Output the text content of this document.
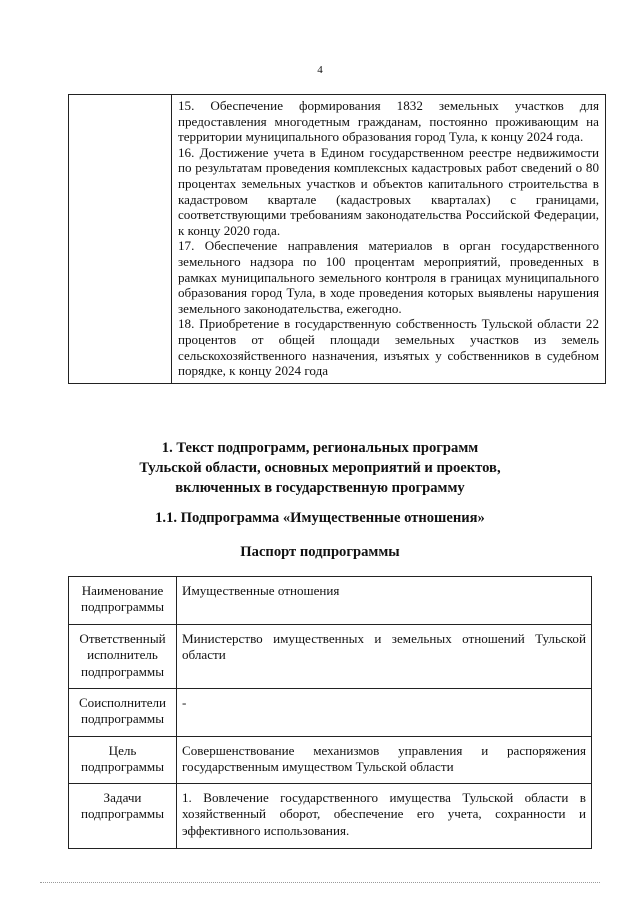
4

15. Обеспечение формирования 1832 земельных участков для предоставления многодетным гражданам, постоянно проживающим на территории муниципального образования город Тула, к концу 2024 года.
16. Достижение учета в Едином государственном реестре недвижимости по результатам проведения комплексных кадастровых работ сведений о 80 процентах земельных участков и объектов капитального строительства в кадастровом квартале (кадастровых кварталах) с границами, соответствующими требованиям законодательства Российской Федерации, к концу 2020 года.
17. Обеспечение направления материалов в орган государственного земельного надзора по 100 процентам мероприятий, проведенных в рамках муниципального земельного контроля в границах муниципального образования город Тула, в ходе проведения которых выявлены нарушения земельного законодательства, ежегодно.
18. Приобретение в государственную собственность Тульской области 22 процентов от общей площади земельных участков из земель сельскохозяйственного назначения, изъятых у собственников в судебном порядке, к концу 2024 года
1. Текст подпрограмм, региональных программ
Тульской области, основных мероприятий и проектов,
включенных в государственную программу
1.1. Подпрограмма «Имущественные отношения»
Паспорт подпрограммы
Наименование подпрограммы	Имущественные отношения
Ответственный исполнитель подпрограммы	Министерство имущественных и земельных отношений Тульской области
Соисполнители подпрограммы	-
Цель подпрограммы	Совершенствование механизмов управления и распоряжения государственным имуществом Тульской области
Задачи подпрограммы	1. Вовлечение государственного имущества Тульской области в хозяйственный оборот, обеспечение его учета, сохранности и эффективного использования.
